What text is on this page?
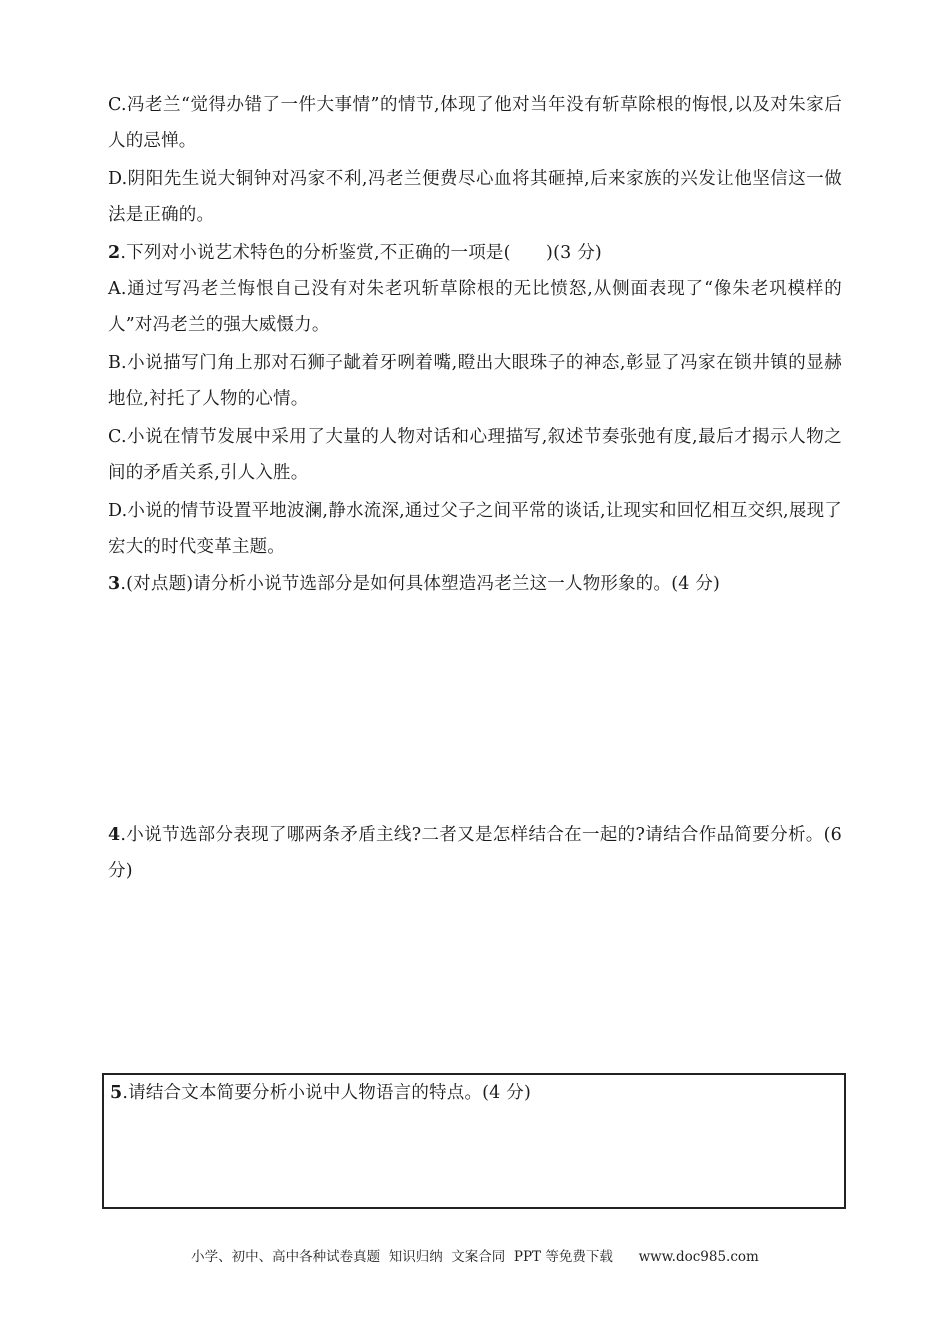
C.冯老兰“觉得办错了一件大事情”的情节,体现了他对当年没有斩草除根的悔恨,以及对朱家后人的忌惮。

D.阴阳先生说大铜钟对冯家不利,冯老兰便费尽心血将其砸掉,后来家族的兴发让他坚信这一做法是正确的。

2.下列对小说艺术特色的分析鉴赏,不正确的一项是(　　)(3 分)

A.通过写冯老兰悔恨自己没有对朱老巩斩草除根的无比愤怒,从侧面表现了“像朱老巩模样的人”对冯老兰的强大威慑力。

B.小说描写门角上那对石狮子龇着牙咧着嘴,瞪出大眼珠子的神态,彰显了冯家在锁井镇的显赫地位,衬托了人物的心情。

C.小说在情节发展中采用了大量的人物对话和心理描写,叙述节奏张弛有度,最后才揭示人物之间的矛盾关系,引人入胜。

D.小说的情节设置平地波澜,静水流深,通过父子之间平常的谈话,让现实和回忆相互交织,展现了宏大的时代变革主题。

3.(对点题)请分析小说节选部分是如何具体塑造冯老兰这一人物形象的。(4 分)

4.小说节选部分表现了哪两条矛盾主线?二者又是怎样结合在一起的?请结合作品简要分析。(6 分)

5.请结合文本简要分析小说中人物语言的特点。(4 分)

小学、初中、高中各种试卷真题  知识归纳  文案合同  PPT 等免费下载      www.doc985.com
